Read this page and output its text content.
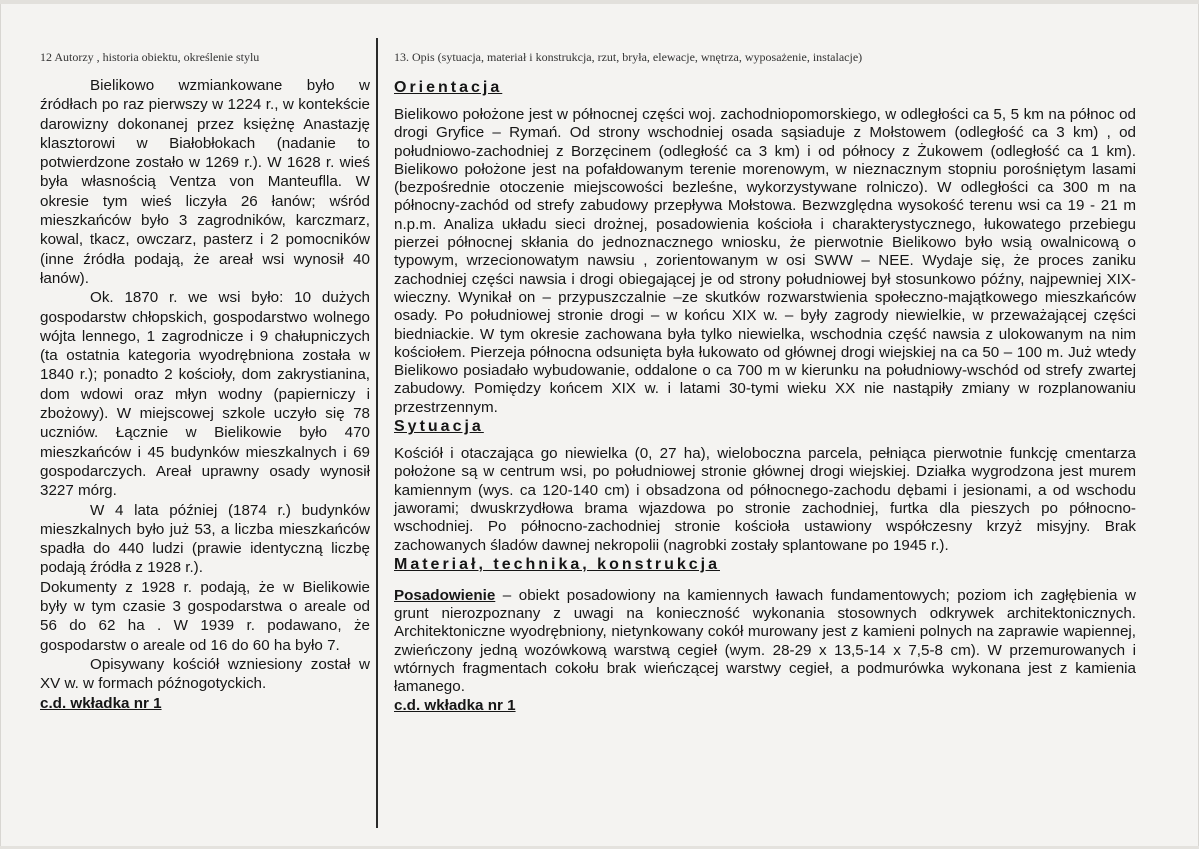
12 Autorzy , historia obiektu, określenie stylu	13. Opis (sytuacja, materiał i konstrukcja, rzut, bryła, elewacje, wnętrza, wyposażenie, instalacje)

Bielikowo wzmiankowane było w źródłach po raz pierwszy w 1224 r., w kontekście darowizny dokonanej przez księżnę Anastazję klasztorowi w Białobłokach (nadanie to potwierdzone zostało w 1269 r.). W 1628 r. wieś była własnością Ventza von Manteuflla. W okresie tym wieś liczyła 26 łanów; wśród mieszkańców było 3 zagrodników, karczmarz, kowal, tkacz, owczarz, pasterz i 2 pomocników (inne źródła podają, że areał wsi wynosił 40 łanów).

Ok. 1870 r. we wsi było: 10 dużych gospodarstw chłopskich, gospodarstwo wolnego wójta lennego, 1 zagrodnicze i 9 chałupniczych (ta ostatnia kategoria wyodrębniona została w 1840 r.); ponadto 2 kościoły, dom zakrystianina, dom wdowi oraz młyn wodny (papierniczy i zbożowy). W miejscowej szkole uczyło się 78 uczniów. Łącznie w Bielikowie było 470 mieszkańców i 45 budynków mieszkalnych i 69 gospodarczych. Areał uprawny osady wynosił 3227 mórg.

W 4 lata później (1874 r.) budynków mieszkalnych było już 53, a liczba mieszkańców spadła do 440 ludzi (prawie identyczną liczbę podają źródła z 1928 r.).

Dokumenty z 1928 r. podają, że w Bielikowie były w tym czasie 3 gospodarstwa o areale od 56 do 62 ha . W 1939 r. podawano, że gospodarstw o areale od 16 do 60 ha było 7.

Opisywany kościół wzniesiony został w XV w. w formach późnogotyckich.

c.d. wkładka nr 1

Orientacja

Bielikowo położone jest w północnej części woj. zachodniopomorskiego, w odległości ca 5, 5 km na północ od drogi Gryfice – Rymań. Od strony wschodniej osada sąsiaduje z Mołstowem (odległość ca 3 km) , od południowo-zachodniej z Borzęcinem (odległość ca 3 km) i od północy z Żukowem (odległość ca 1 km). Bielikowo położone jest na pofałdowanym terenie morenowym, w nieznacznym stopniu porośniętym lasami (bezpośrednie otoczenie miejscowości bezleśne, wykorzystywane rolniczo). W odległości ca 300 m na północny-zachód od strefy zabudowy przepływa Mołstowa. Bezwzględna wysokość terenu wsi ca 19 - 21 m n.p.m. Analiza układu sieci drożnej, posadowienia kościoła i charakterystycznego, łukowatego przebiegu pierzei północnej skłania do jednoznacznego wniosku, że pierwotnie Bielikowo było wsią owalnicową o typowym, wrzecionowatym nawsiu , zorientowanym w osi SWW – NEE. Wydaje się, że proces zaniku zachodniej części nawsia i drogi obiegającej je od strony południowej był stosunkowo późny, najpewniej XIX-wieczny. Wynikał on – przypuszczalnie –ze skutków rozwarstwienia społeczno-majątkowego mieszkańców osady. Po południowej stronie drogi – w końcu XIX w. – były zagrody niewielkie, w przeważającej części biedniackie. W tym okresie zachowana była tylko niewielka, wschodnia część nawsia z ulokowanym na nim kościołem. Pierzeja północna odsunięta była łukowato od głównej drogi wiejskiej na ca 50 – 100 m. Już wtedy Bielikowo posiadało wybudowanie, oddalone o ca 700 m w kierunku na południowy-wschód od strefy zwartej zabudowy. Pomiędzy końcem XIX w. i latami 30-tymi wieku XX nie nastąpiły zmiany w rozplanowaniu przestrzennym.

Sytuacja

Kościół i otaczająca go niewielka (0, 27 ha), wieloboczna parcela, pełniąca pierwotnie funkcję cmentarza położone są w centrum wsi, po południowej stronie głównej drogi wiejskiej. Działka wygrodzona jest murem kamiennym (wys. ca 120-140 cm) i obsadzona od północnego-zachodu dębami i jesionami, a od wschodu jaworami; dwuskrzydłowa brama wjazdowa po stronie zachodniej, furtka dla pieszych po północno-wschodniej. Po północno-zachodniej stronie kościoła ustawiony współczesny krzyż misyjny. Brak zachowanych śladów dawnej nekropolii (nagrobki zostały splantowane po 1945 r.).

Materiał, technika, konstrukcja

Posadowienie – obiekt posadowiony na kamiennych ławach fundamentowych; poziom ich zagłębienia w grunt nierozpoznany z uwagi na konieczność wykonania stosownych odkrywek architektonicznych. Architektoniczne wyodrębniony, nietynkowany cokół murowany jest z kamieni polnych na zaprawie wapiennej, zwieńczony jedną wozówkową warstwą cegieł (wym. 28-29 x 13,5-14 x 7,5-8 cm). W przemurowanych i wtórnych fragmentach cokołu brak wieńczącej warstwy cegieł, a podmurówka wykonana jest z kamienia łamanego.

c.d. wkładka nr 1
